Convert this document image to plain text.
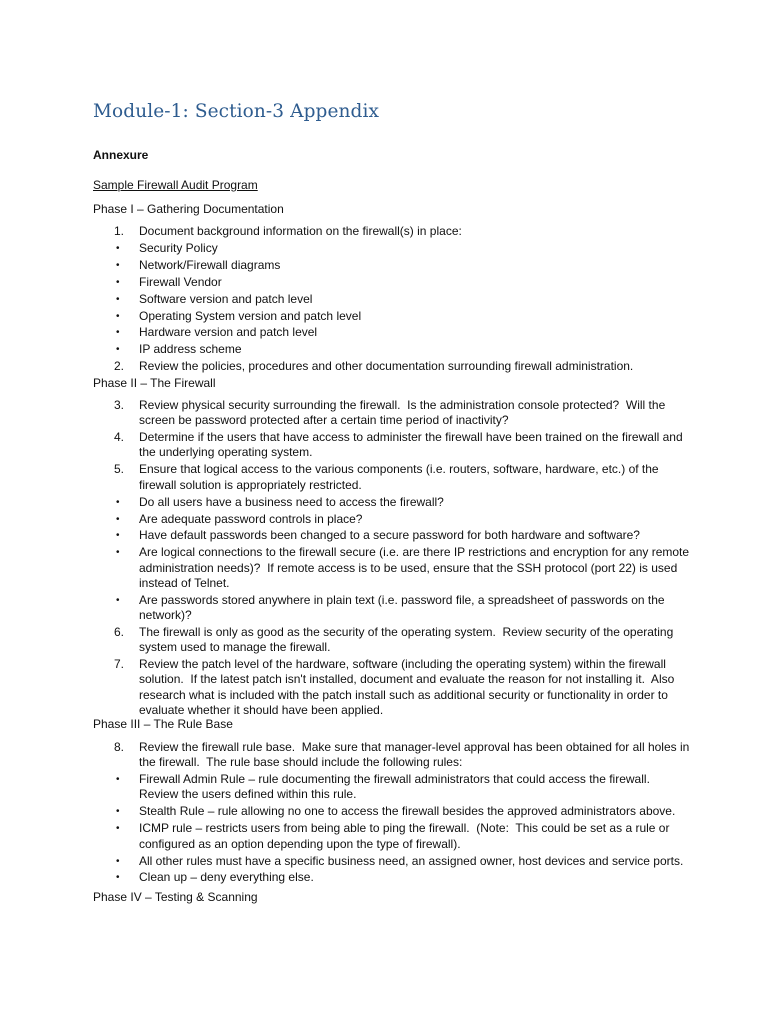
Module-1: Section-3 Appendix
Annexure
Sample Firewall Audit Program
Phase I – Gathering Documentation
1.	Document background information on the firewall(s) in place:
•	Security Policy
•	Network/Firewall diagrams
•	Firewall Vendor
•	Software version and patch level
•	Operating System version and patch level
•	Hardware version and patch level
•	IP address scheme
2.	Review the policies, procedures and other documentation surrounding firewall administration.
Phase II – The Firewall
3.	Review physical security surrounding the firewall.  Is the administration console protected?  Will the
screen be password protected after a certain time period of inactivity?
4.	Determine if the users that have access to administer the firewall have been trained on the firewall and
the underlying operating system.
5.	Ensure that logical access to the various components (i.e. routers, software, hardware, etc.) of the
firewall solution is appropriately restricted.
•	Do all users have a business need to access the firewall?
•	Are adequate password controls in place?
•	Have default passwords been changed to a secure password for both hardware and software?
•	Are logical connections to the firewall secure (i.e. are there IP restrictions and encryption for any remote
administration needs)?  If remote access is to be used, ensure that the SSH protocol (port 22) is used
instead of Telnet.
•	Are passwords stored anywhere in plain text (i.e. password file, a spreadsheet of passwords on the
network)?
6.	The firewall is only as good as the security of the operating system.  Review security of the operating
system used to manage the firewall.
7.	Review the patch level of the hardware, software (including the operating system) within the firewall
solution.  If the latest patch isn't installed, document and evaluate the reason for not installing it.  Also
research what is included with the patch install such as additional security or functionality in order to
evaluate whether it should have been applied.
Phase III – The Rule Base
8.	Review the firewall rule base.  Make sure that manager-level approval has been obtained for all holes in
the firewall.  The rule base should include the following rules:
•	Firewall Admin Rule – rule documenting the firewall administrators that could access the firewall.
Review the users defined within this rule.
•	Stealth Rule – rule allowing no one to access the firewall besides the approved administrators above.
•	ICMP rule – restricts users from being able to ping the firewall.  (Note:  This could be set as a rule or
configured as an option depending upon the type of firewall).
•	All other rules must have a specific business need, an assigned owner, host devices and service ports.
•	Clean up – deny everything else.
Phase IV – Testing & Scanning
